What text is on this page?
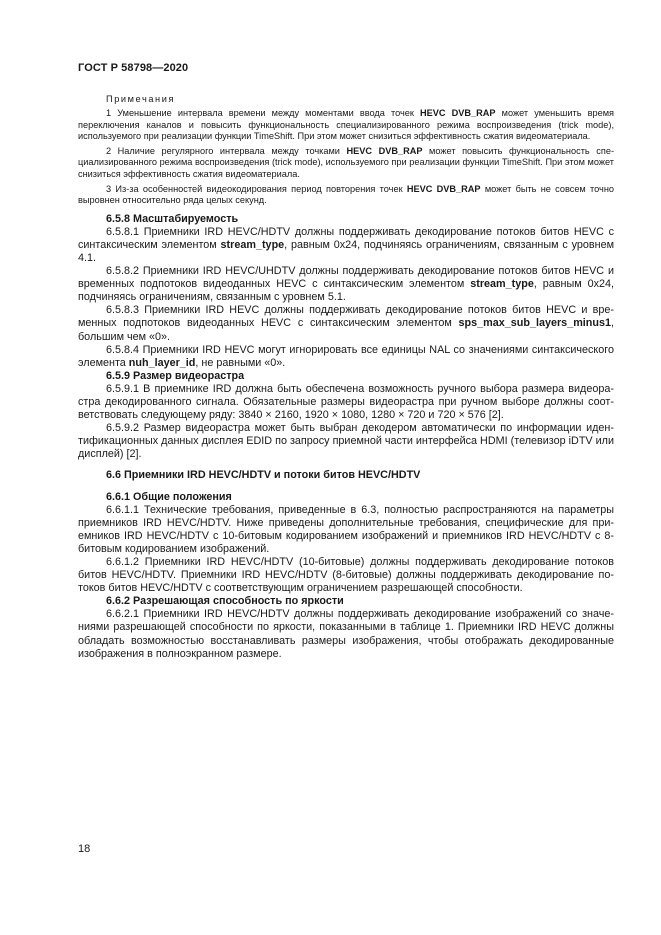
ГОСТ Р 58798—2020

Примечания

1 Уменьшение интервала времени между моментами ввода точек HEVC DVB_RAP может уменьшить время переключения каналов и повысить функциональность специализированного режима воспроизведения (trick mode), используемого при реализации функции TimeShift. При этом может снизиться эффективность сжатия видеоматериала.

2 Наличие регулярного интервала между точками HEVC DVB_RAP может повысить функциональность специализированного режима воспроизведения (trick mode), используемого при реализации функции TimeShift. При этом может снизиться эффективность сжатия видеоматериала.

3 Из-за особенностей видеокодирования период повторения точек HEVC DVB_RAP может быть не совсем точно выровнен относительно ряда целых секунд.

6.5.8 Масштабируемость

6.5.8.1 Приемники IRD HEVC/HDTV должны поддерживать декодирование потоков битов HEVC с синтаксическим элементом stream_type, равным 0x24, подчиняясь ограничениям, связанным с уровнем 4.1.

6.5.8.2 Приемники IRD HEVC/UHDTV должны поддерживать декодирование потоков битов HEVC и временных подпотоков видеоданных HEVC с синтаксическим элементом stream_type, равным 0x24, подчиняясь ограничениям, связанным с уровнем 5.1.

6.5.8.3 Приемники IRD HEVC должны поддерживать декодирование потоков битов HEVC и временных подпотоков видеоданных HEVC с синтаксическим элементом sps_max_sub_layers_minus1, большим чем «0».

6.5.8.4 Приемники IRD HEVC могут игнорировать все единицы NAL со значениями синтаксического элемента nuh_layer_id, не равными «0».

6.5.9 Размер видеорастра

6.5.9.1 В приемнике IRD должна быть обеспечена возможность ручного выбора размера видеорастра декодированного сигнала. Обязательные размеры видеорастра при ручном выборе должны соответствовать следующему ряду: 3840 × 2160, 1920 × 1080, 1280 × 720 и 720 × 576 [2].

6.5.9.2 Размер видеорастра может быть выбран декодером автоматически по информации идентификационных данных дисплея EDID по запросу приемной части интерфейса HDMI (телевизор iDTV или дисплей) [2].

6.6 Приемники IRD HEVC/HDTV и потоки битов HEVC/HDTV

6.6.1 Общие положения

6.6.1.1 Технические требования, приведенные в 6.3, полностью распространяются на параметры приемников IRD HEVC/HDTV. Ниже приведены дополнительные требования, специфические для приемников IRD HEVC/HDTV с 10-битовым кодированием изображений и приемников IRD HEVC/HDTV с 8-битовым кодированием изображений.

6.6.1.2 Приемники IRD HEVC/HDTV (10-битовые) должны поддерживать декодирование потоков битов HEVC/HDTV. Приемники IRD HEVC/HDTV (8-битовые) должны поддерживать декодирование потоков битов HEVC/HDTV с соответствующим ограничением разрешающей способности.

6.6.2 Разрешающая способность по яркости

6.6.2.1 Приемники IRD HEVC/HDTV должны поддерживать декодирование изображений со значениями разрешающей способности по яркости, показанными в таблице 1. Приемники IRD HEVC должны обладать возможностью восстанавливать размеры изображения, чтобы отображать декодированные изображения в полноэкранном размере.

18
